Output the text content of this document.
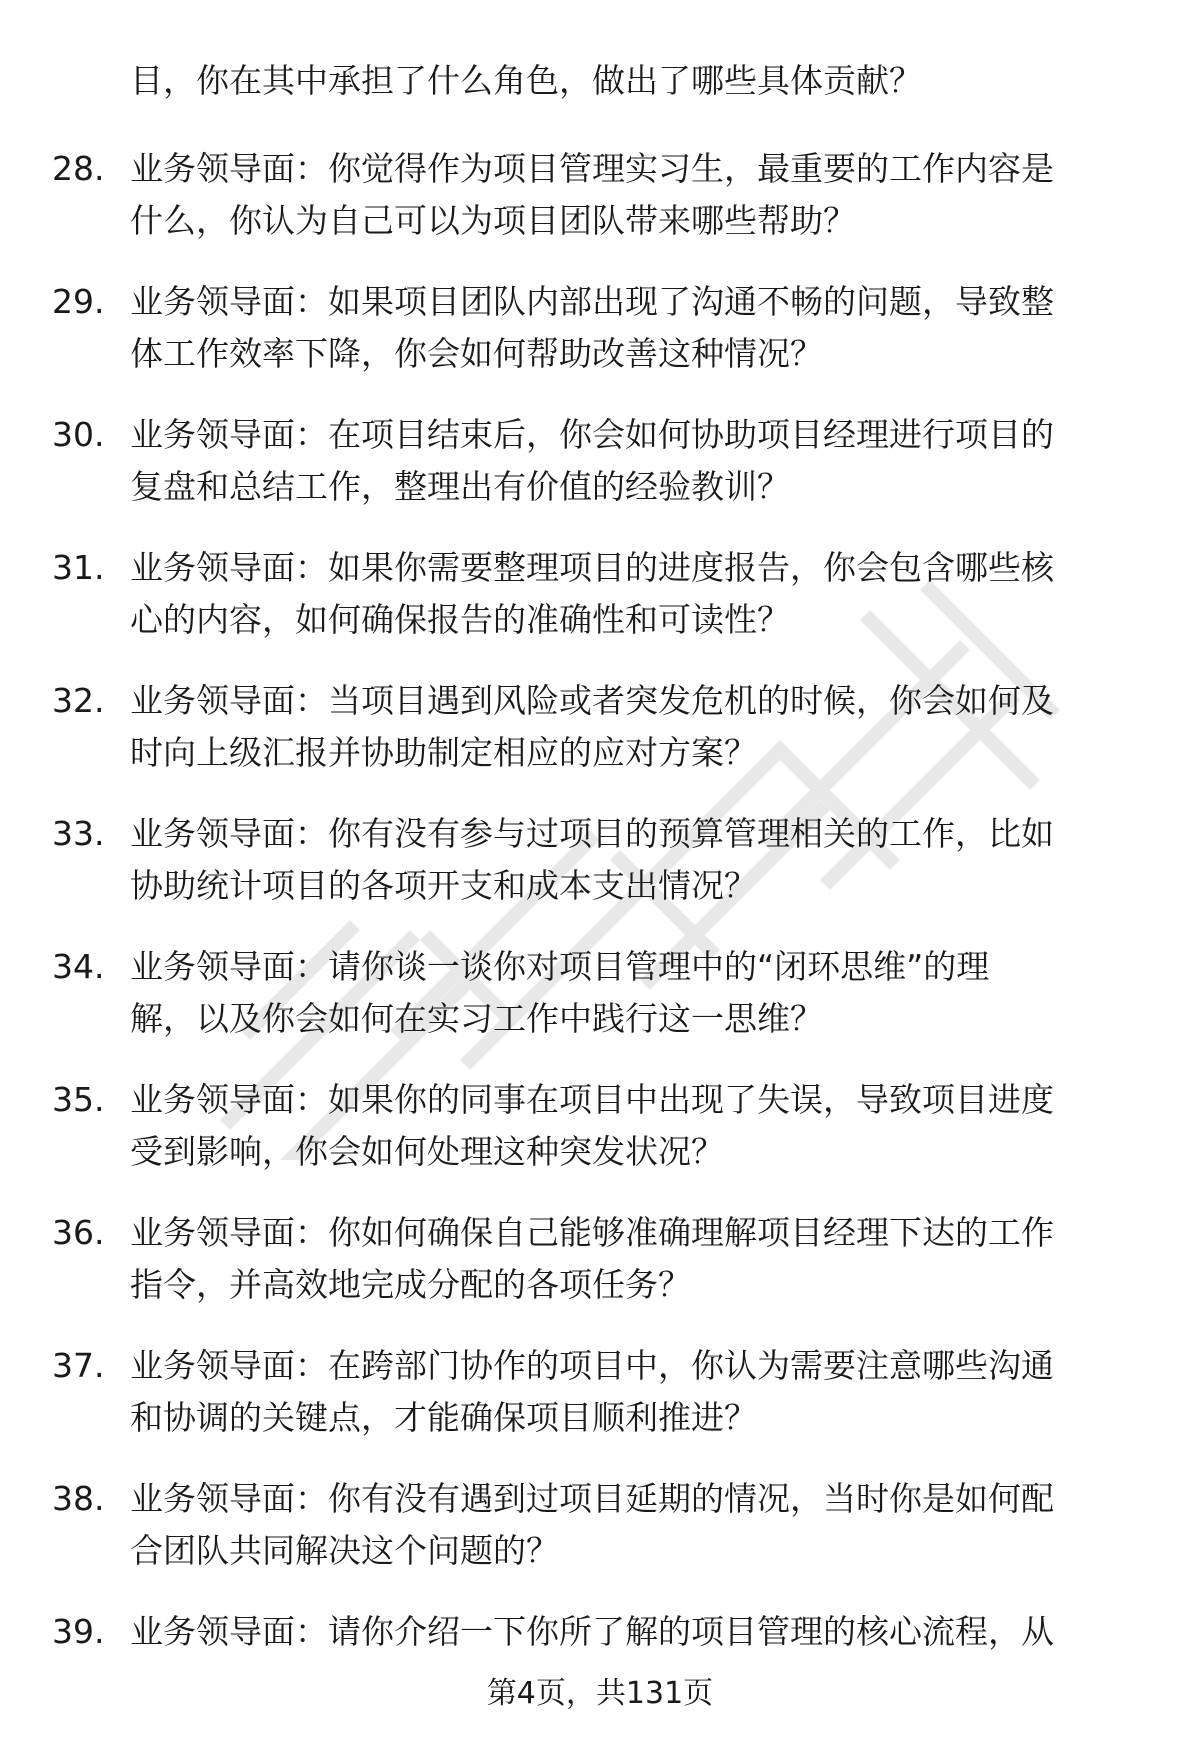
目，你在其中承担了什么角色，做出了哪些具体贡献？
28. 业务领导面：你觉得作为项目管理实习生，最重要的工作内容是
什么，你认为自己可以为项目团队带来哪些帮助？
29. 业务领导面：如果项目团队内部出现了沟通不畅的问题，导致整
体工作效率下降，你会如何帮助改善这种情况？
30. 业务领导面：在项目结束后，你会如何协助项目经理进行项目的
复盘和总结工作，整理出有价值的经验教训？
31. 业务领导面：如果你需要整理项目的进度报告，你会包含哪些核
心的内容，如何确保报告的准确性和可读性？
32. 业务领导面：当项目遇到风险或者突发危机的时候，你会如何及
时向上级汇报并协助制定相应的应对方案？
33. 业务领导面：你有没有参与过项目的预算管理相关的工作，比如
协助统计项目的各项开支和成本支出情况？
34. 业务领导面：请你谈一谈你对项目管理中的“闭环思维”的理
解，以及你会如何在实习工作中践行这一思维？
35. 业务领导面：如果你的同事在项目中出现了失误，导致项目进度
受到影响，你会如何处理这种突发状况？
36. 业务领导面：你如何确保自己能够准确理解项目经理下达的工作
指令，并高效地完成分配的各项任务？
37. 业务领导面：在跨部门协作的项目中，你认为需要注意哪些沟通
和协调的关键点，才能确保项目顺利推进？
38. 业务领导面：你有没有遇到过项目延期的情况，当时你是如何配
合团队共同解决这个问题的？
39. 业务领导面：请你介绍一下你所了解的项目管理的核心流程，从
第4页，共131页
